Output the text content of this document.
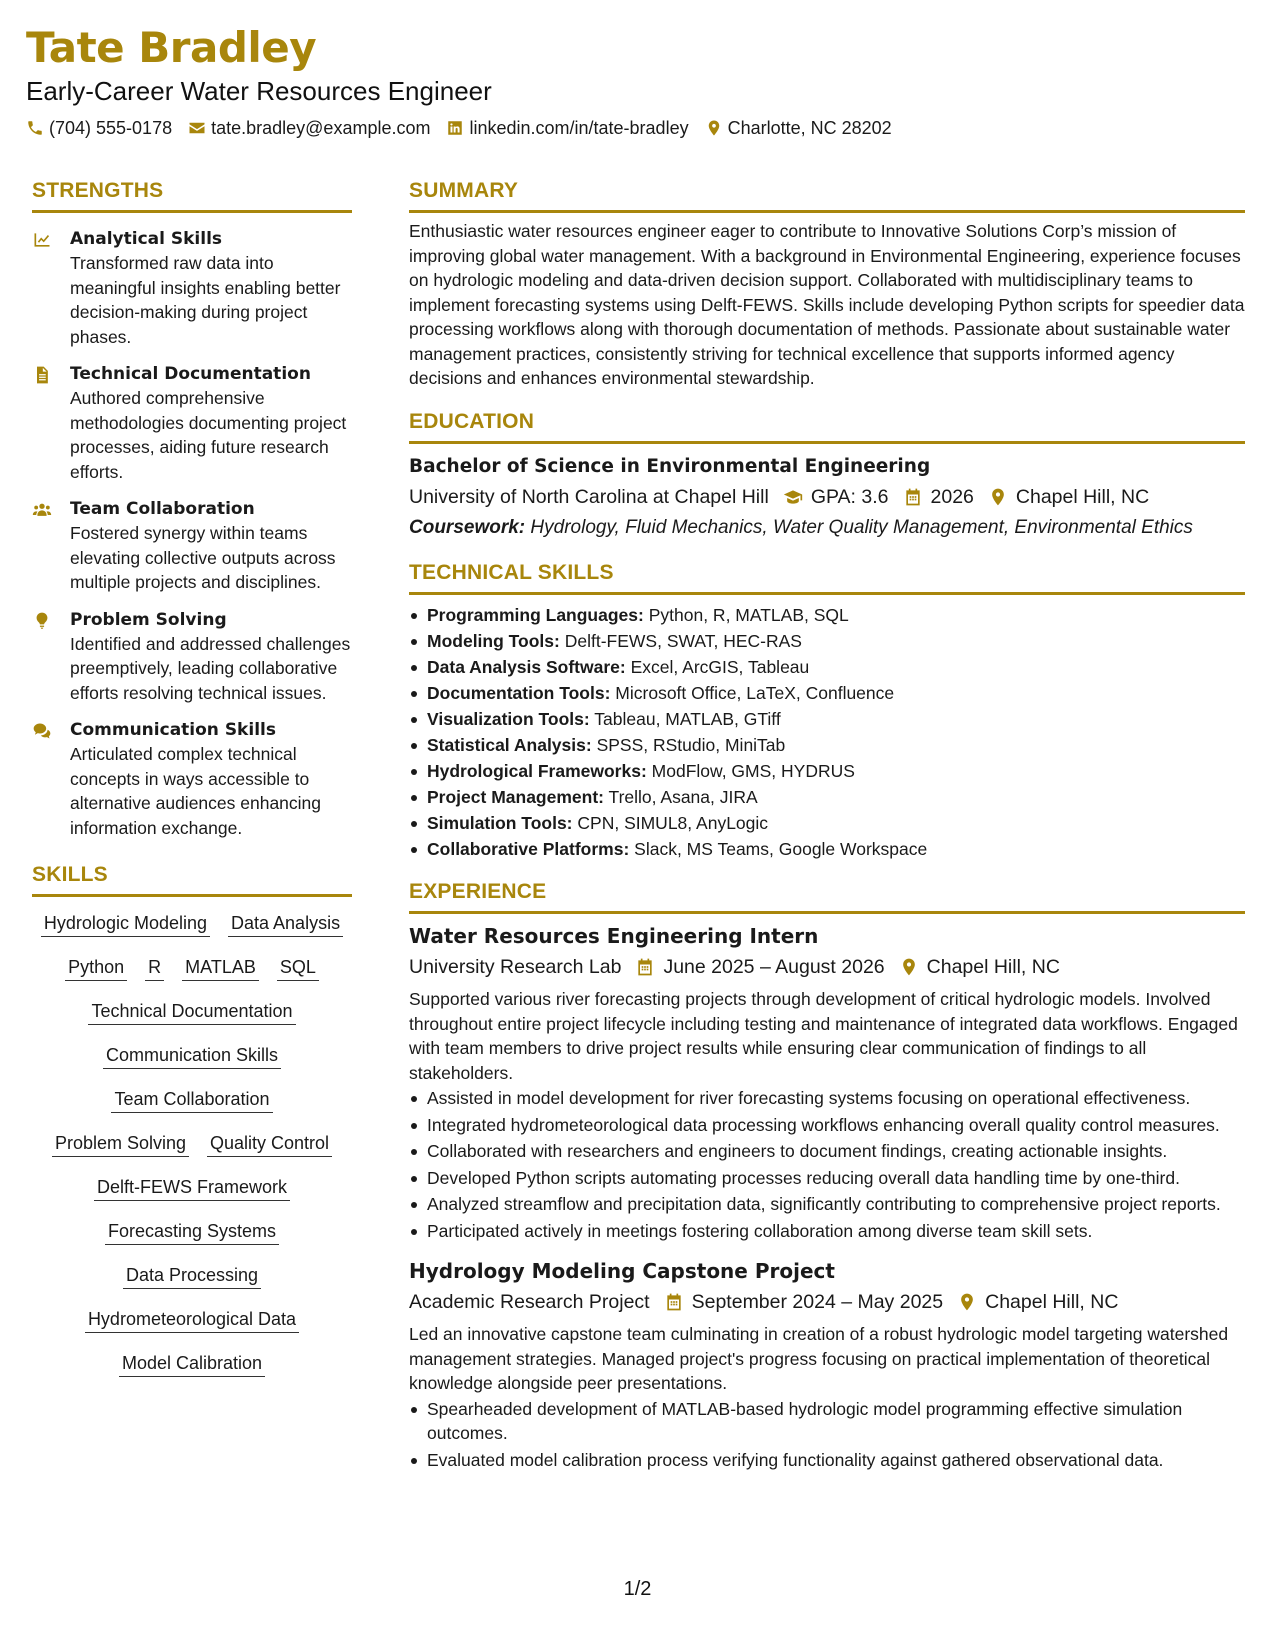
Tate Bradley
Early-Career Water Resources Engineer
(704) 555-0178 tate.bradley@example.com linkedin.com/in/tate-bradley Charlotte, NC 28202
STRENGTHS
Analytical Skills
Transformed raw data into meaningful insights enabling better decision-making during project phases.
Technical Documentation
Authored comprehensive methodologies documenting project processes, aiding future research efforts.
Team Collaboration
Fostered synergy within teams elevating collective outputs across multiple projects and disciplines.
Problem Solving
Identified and addressed challenges preemptively, leading collaborative efforts resolving technical issues.
Communication Skills
Articulated complex technical concepts in ways accessible to alternative audiences enhancing information exchange.
SKILLS
Hydrologic Modeling Data Analysis
Python R MATLAB SQL
Technical Documentation
Communication Skills
Team Collaboration
Problem Solving Quality Control
Delft-FEWS Framework
Forecasting Systems
Data Processing
Hydrometeorological Data
Model Calibration
SUMMARY

Enthusiastic water resources engineer eager to contribute to Innovative Solutions Corp’s mission of improving global water management. With a background in Environmental Engineering, experience focuses on hydrologic modeling and data-driven decision support. Collaborated with multidisciplinary teams to implement forecasting systems using Delft-FEWS. Skills include developing Python scripts for speedier data processing workflows along with thorough documentation of methods. Passionate about sustainable water management practices, consistently striving for technical excellence that supports informed agency decisions and enhances environmental stewardship.

EDUCATION
Bachelor of Science in Environmental Engineering
University of North Carolina at Chapel Hill GPA: 3.6 2026 Chapel Hill, NC
Coursework: Hydrology, Fluid Mechanics, Water Quality Management, Environmental Ethics
TECHNICAL SKILLS
Programming Languages: Python, R, MATLAB, SQL
Modeling Tools: Delft-FEWS, SWAT, HEC-RAS
Data Analysis Software: Excel, ArcGIS, Tableau
Documentation Tools: Microsoft Office, LaTeX, Confluence
Visualization Tools: Tableau, MATLAB, GTiff
Statistical Analysis: SPSS, RStudio, MiniTab
Hydrological Frameworks: ModFlow, GMS, HYDRUS
Project Management: Trello, Asana, JIRA
Simulation Tools: CPN, SIMUL8, AnyLogic
Collaborative Platforms: Slack, MS Teams, Google Workspace
EXPERIENCE
Water Resources Engineering Intern
University Research Lab June 2025 – August 2026 Chapel Hill, NC

Supported various river forecasting projects through development of critical hydrologic models. Involved throughout entire project lifecycle including testing and maintenance of integrated data workflows. Engaged with team members to drive project results while ensuring clear communication of findings to all stakeholders.

Assisted in model development for river forecasting systems focusing on operational effectiveness.
Integrated hydrometeorological data processing workflows enhancing overall quality control measures.
Collaborated with researchers and engineers to document findings, creating actionable insights.
Developed Python scripts automating processes reducing overall data handling time by one-third.
Analyzed streamflow and precipitation data, significantly contributing to comprehensive project reports.
Participated actively in meetings fostering collaboration among diverse team skill sets.
Hydrology Modeling Capstone Project
Academic Research Project September 2024 – May 2025 Chapel Hill, NC

Led an innovative capstone team culminating in creation of a robust hydrologic model targeting watershed management strategies. Managed project's progress focusing on practical implementation of theoretical knowledge alongside peer presentations.

Spearheaded development of MATLAB-based hydrologic model programming effective simulation outcomes.
Evaluated model calibration process verifying functionality against gathered observational data.
1/2
